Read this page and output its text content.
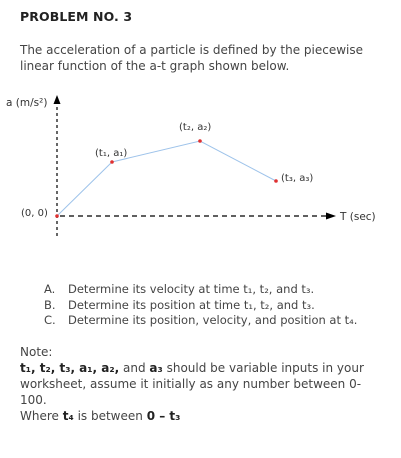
PROBLEM NO. 3
The acceleration of a particle is defined by the piecewise linear function of the a-t graph shown below.
a (m/s²)
T (sec)
(0, 0)
(t₁, a₁)
(t₂, a₂)
(t₃, a₃)
A. Determine its velocity at time t₁, t₂, and t₃.
B. Determine its position at time t₁, t₂, and t₃.
C. Determine its position, velocity, and position at t₄.

Note:

t₁, t₂, t₃, a₁, a₂, and a₃ should be variable inputs in your worksheet, assume it initially as any number between 0-100.

Where t₄ is between 0 – t₃
